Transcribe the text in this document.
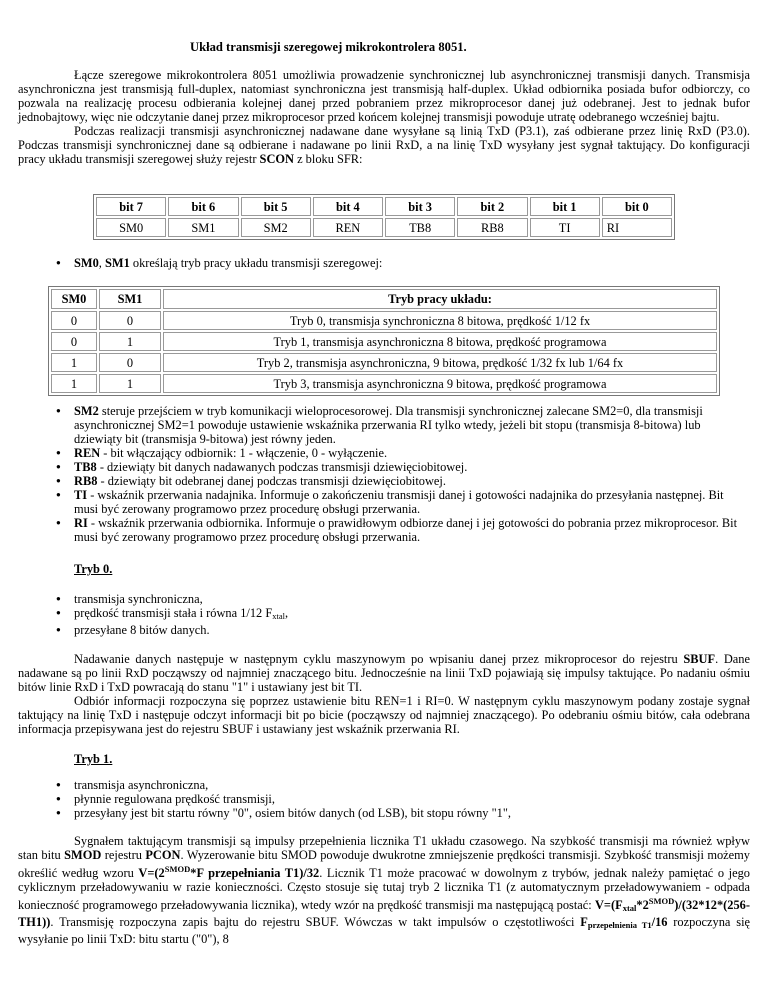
Układ transmisji szeregowej mikrokontrolera 8051.

Łącze szeregowe mikrokontrolera 8051 umożliwia prowadzenie synchronicznej lub asynchronicznej transmisji danych. Transmisja asynchroniczna jest transmisją full-duplex, natomiast synchroniczna jest transmisją half-duplex. Układ odbiornika posiada bufor odbiorczy, co pozwala na realizację procesu odbierania kolejnej danej przed pobraniem przez mikroprocesor danej już odebranej. Jest to jednak bufor jednobajtowy, więc nie odczytanie danej przez mikroprocesor przed końcem kolejnej transmisji powoduje utratę odebranego wcześniej bajtu.

Podczas realizacji transmisji asynchronicznej nadawane dane wysyłane są linią TxD (P3.1), zaś odbierane przez linię RxD (P3.0). Podczas transmisji synchronicznej dane są odbierane i nadawane po linii RxD, a na linię TxD wysyłany jest sygnał taktujący. Do konfiguracji pracy układu transmisji szeregowej służy rejestr SCON z bloku SFR:

bit 7	bit 6	bit 5	bit 4	bit 3	bit 2	bit 1	bit 0
SM0	SM1	SM2	REN	TB8	RB8	TI	RI
● SM0, SM1 określają tryb pracy układu transmisji szeregowej:
SM0	SM1	Tryb pracy układu:
0	0	Tryb 0, transmisja synchroniczna 8 bitowa, prędkość 1/12 fx
0	1	Tryb 1, transmisja asynchroniczna 8 bitowa, prędkość programowa
1	0	Tryb 2, transmisja asynchroniczna, 9 bitowa, prędkość 1/32 fx lub 1/64 fx
1	1	Tryb 3, transmisja asynchroniczna 9 bitowa, prędkość programowa
● SM2 steruje przejściem w tryb komunikacji wieloprocesorowej. Dla transmisji synchronicznej zalecane SM2=0, dla transmisji asynchronicznej SM2=1 powoduje ustawienie wskaźnika przerwania RI tylko wtedy, jeżeli bit stopu (transmisja 8-bitowa) lub dziewiąty bit (transmisja 9-bitowa) jest równy jeden.
● REN - bit włączający odbiornik: 1 - włączenie, 0 - wyłączenie.
● TB8 - dziewiąty bit danych nadawanych podczas transmisji dziewięciobitowej.
● RB8 - dziewiąty bit odebranej danej podczas transmisji dziewięciobitowej.
● TI - wskaźnik przerwania nadajnika. Informuje o zakończeniu transmisji danej i gotowości nadajnika do przesyłania następnej. Bit musi być zerowany programowo przez procedurę obsługi przerwania.
● RI - wskaźnik przerwania odbiornika. Informuje o prawidłowym odbiorze danej i jej gotowości do pobrania przez mikroprocesor. Bit musi być zerowany programowo przez procedurę obsługi przerwania.
Tryb 0.
● transmisja synchroniczna,
● prędkość transmisji stała i równa 1/12 $F_{xtal}$,
● przesyłane 8 bitów danych.

Nadawanie danych następuje w następnym cyklu maszynowym po wpisaniu danej przez mikroprocesor do rejestru SBUF. Dane nadawane są po linii RxD począwszy od najmniej znaczącego bitu. Jednocześnie na linii TxD pojawiają się impulsy taktujące. Po nadaniu ośmiu bitów linie RxD i TxD powracają do stanu "1" i ustawiany jest bit TI.

Odbiór informacji rozpoczyna się poprzez ustawienie bitu REN=1 i RI=0. W następnym cyklu maszynowym podany zostaje sygnał taktujący na linię TxD i następuje odczyt informacji bit po bicie (począwszy od najmniej znaczącego). Po odebraniu ośmiu bitów, cała odebrana informacja przepisywana jest do rejestru SBUF i ustawiany jest wskaźnik przerwania RI.

Tryb 1.
● transmisja asynchroniczna,
● płynnie regulowana prędkość transmisji,
● przesyłany jest bit startu równy "0", osiem bitów danych (od LSB), bit stopu równy "1",

Sygnałem taktującym transmisji są impulsy przepełnienia licznika T1 układu czasowego. Na szybkość transmisji ma również wpływ stan bitu SMOD rejestru PCON. Wyzerowanie bitu SMOD powoduje dwukrotne zmniejszenie prędkości transmisji. Szybkość transmisji możemy określić według wzoru $V=(2^{SMOD}*F$ przepełniania T1)/32. Licznik T1 może pracować w dowolnym z trybów, jednak należy pamiętać o jego cyklicznym przeładowywaniu w razie konieczności. Często stosuje się tutaj tryb 2 licznika T1 (z automatycznym przeładowywaniem - odpada konieczność programowego przeładowywania licznika), wtedy wzór na prędkość transmisji ma następującą postać: $V=(F_{xtal}*2^{SMOD})/(32*12*(256-TH1))$. Transmisję rozpoczyna zapis bajtu do rejestru SBUF. Wówczas w takt impulsów o częstotliwości $F_{przepełnienia T1}/16$ rozpoczyna się wysyłanie po linii TxD: bitu startu ("0"), 8
